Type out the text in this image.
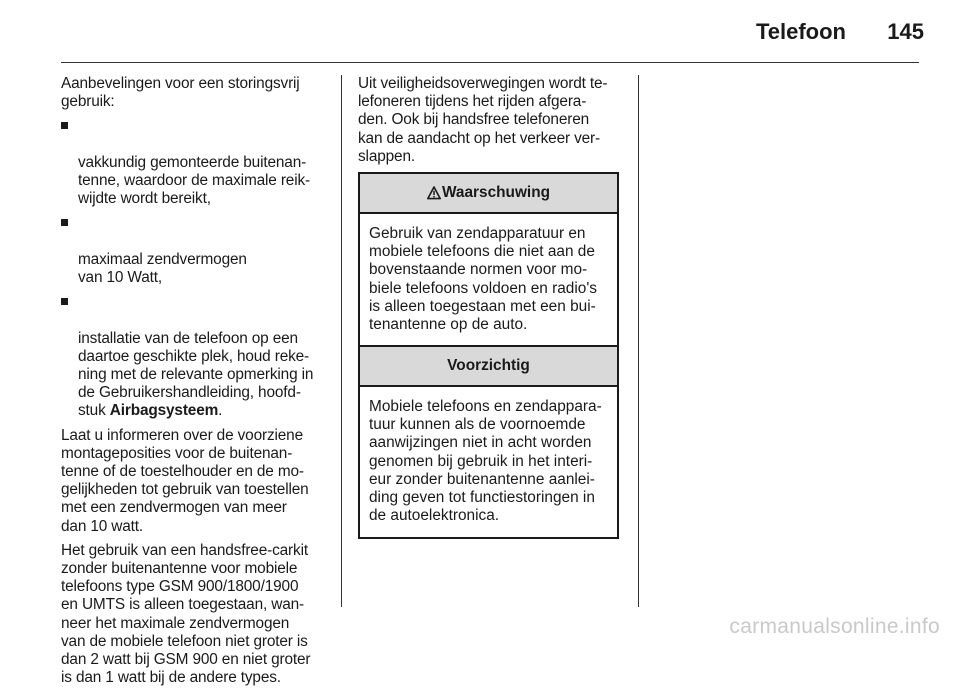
Telefoon	145

Aanbevelingen voor een storingsvrij
gebruik:

vakkundig gemonteerde buitenan-
tenne, waardoor de maximale reik-
wijdte wordt bereikt,

maximaal zendvermogen
van 10 Watt,

installatie van de telefoon op een
daartoe geschikte plek, houd reke-
ning met de relevante opmerking in
de Gebruikershandleiding, hoofd-
stuk Airbagsysteem.

Laat u informeren over de voorziene
montageposities voor de buitenan-
tenne of de toestelhouder en de mo-
gelijkheden tot gebruik van toestellen
met een zendvermogen van meer
dan 10 watt.

Het gebruik van een handsfree-carkit
zonder buitenantenne voor mobiele
telefoons type GSM 900/1800/1900
en UMTS is alleen toegestaan, wan-
neer het maximale zendvermogen
van de mobiele telefoon niet groter is
dan 2 watt bij GSM 900 en niet groter
is dan 1 watt bij de andere types.

Uit veiligheidsoverwegingen wordt te-
lefoneren tijdens het rijden afgera-
den. Ook bij handsfree telefoneren
kan de aandacht op het verkeer ver-
slappen.

Waarschuwing
Gebruik van zendapparatuur en
mobiele telefoons die niet aan de
bovenstaande normen voor mo-
biele telefoons voldoen en radio's
is alleen toegestaan met een bui-
tenantenne op de auto.
Voorzichtig
Mobiele telefoons en zendappara-
tuur kunnen als de voornoemde
aanwijzingen niet in acht worden
genomen bij gebruik in het interi-
eur zonder buitenantenne aanlei-
ding geven tot functiestoringen in
de autoelektronica.
carmanualsonline.info
